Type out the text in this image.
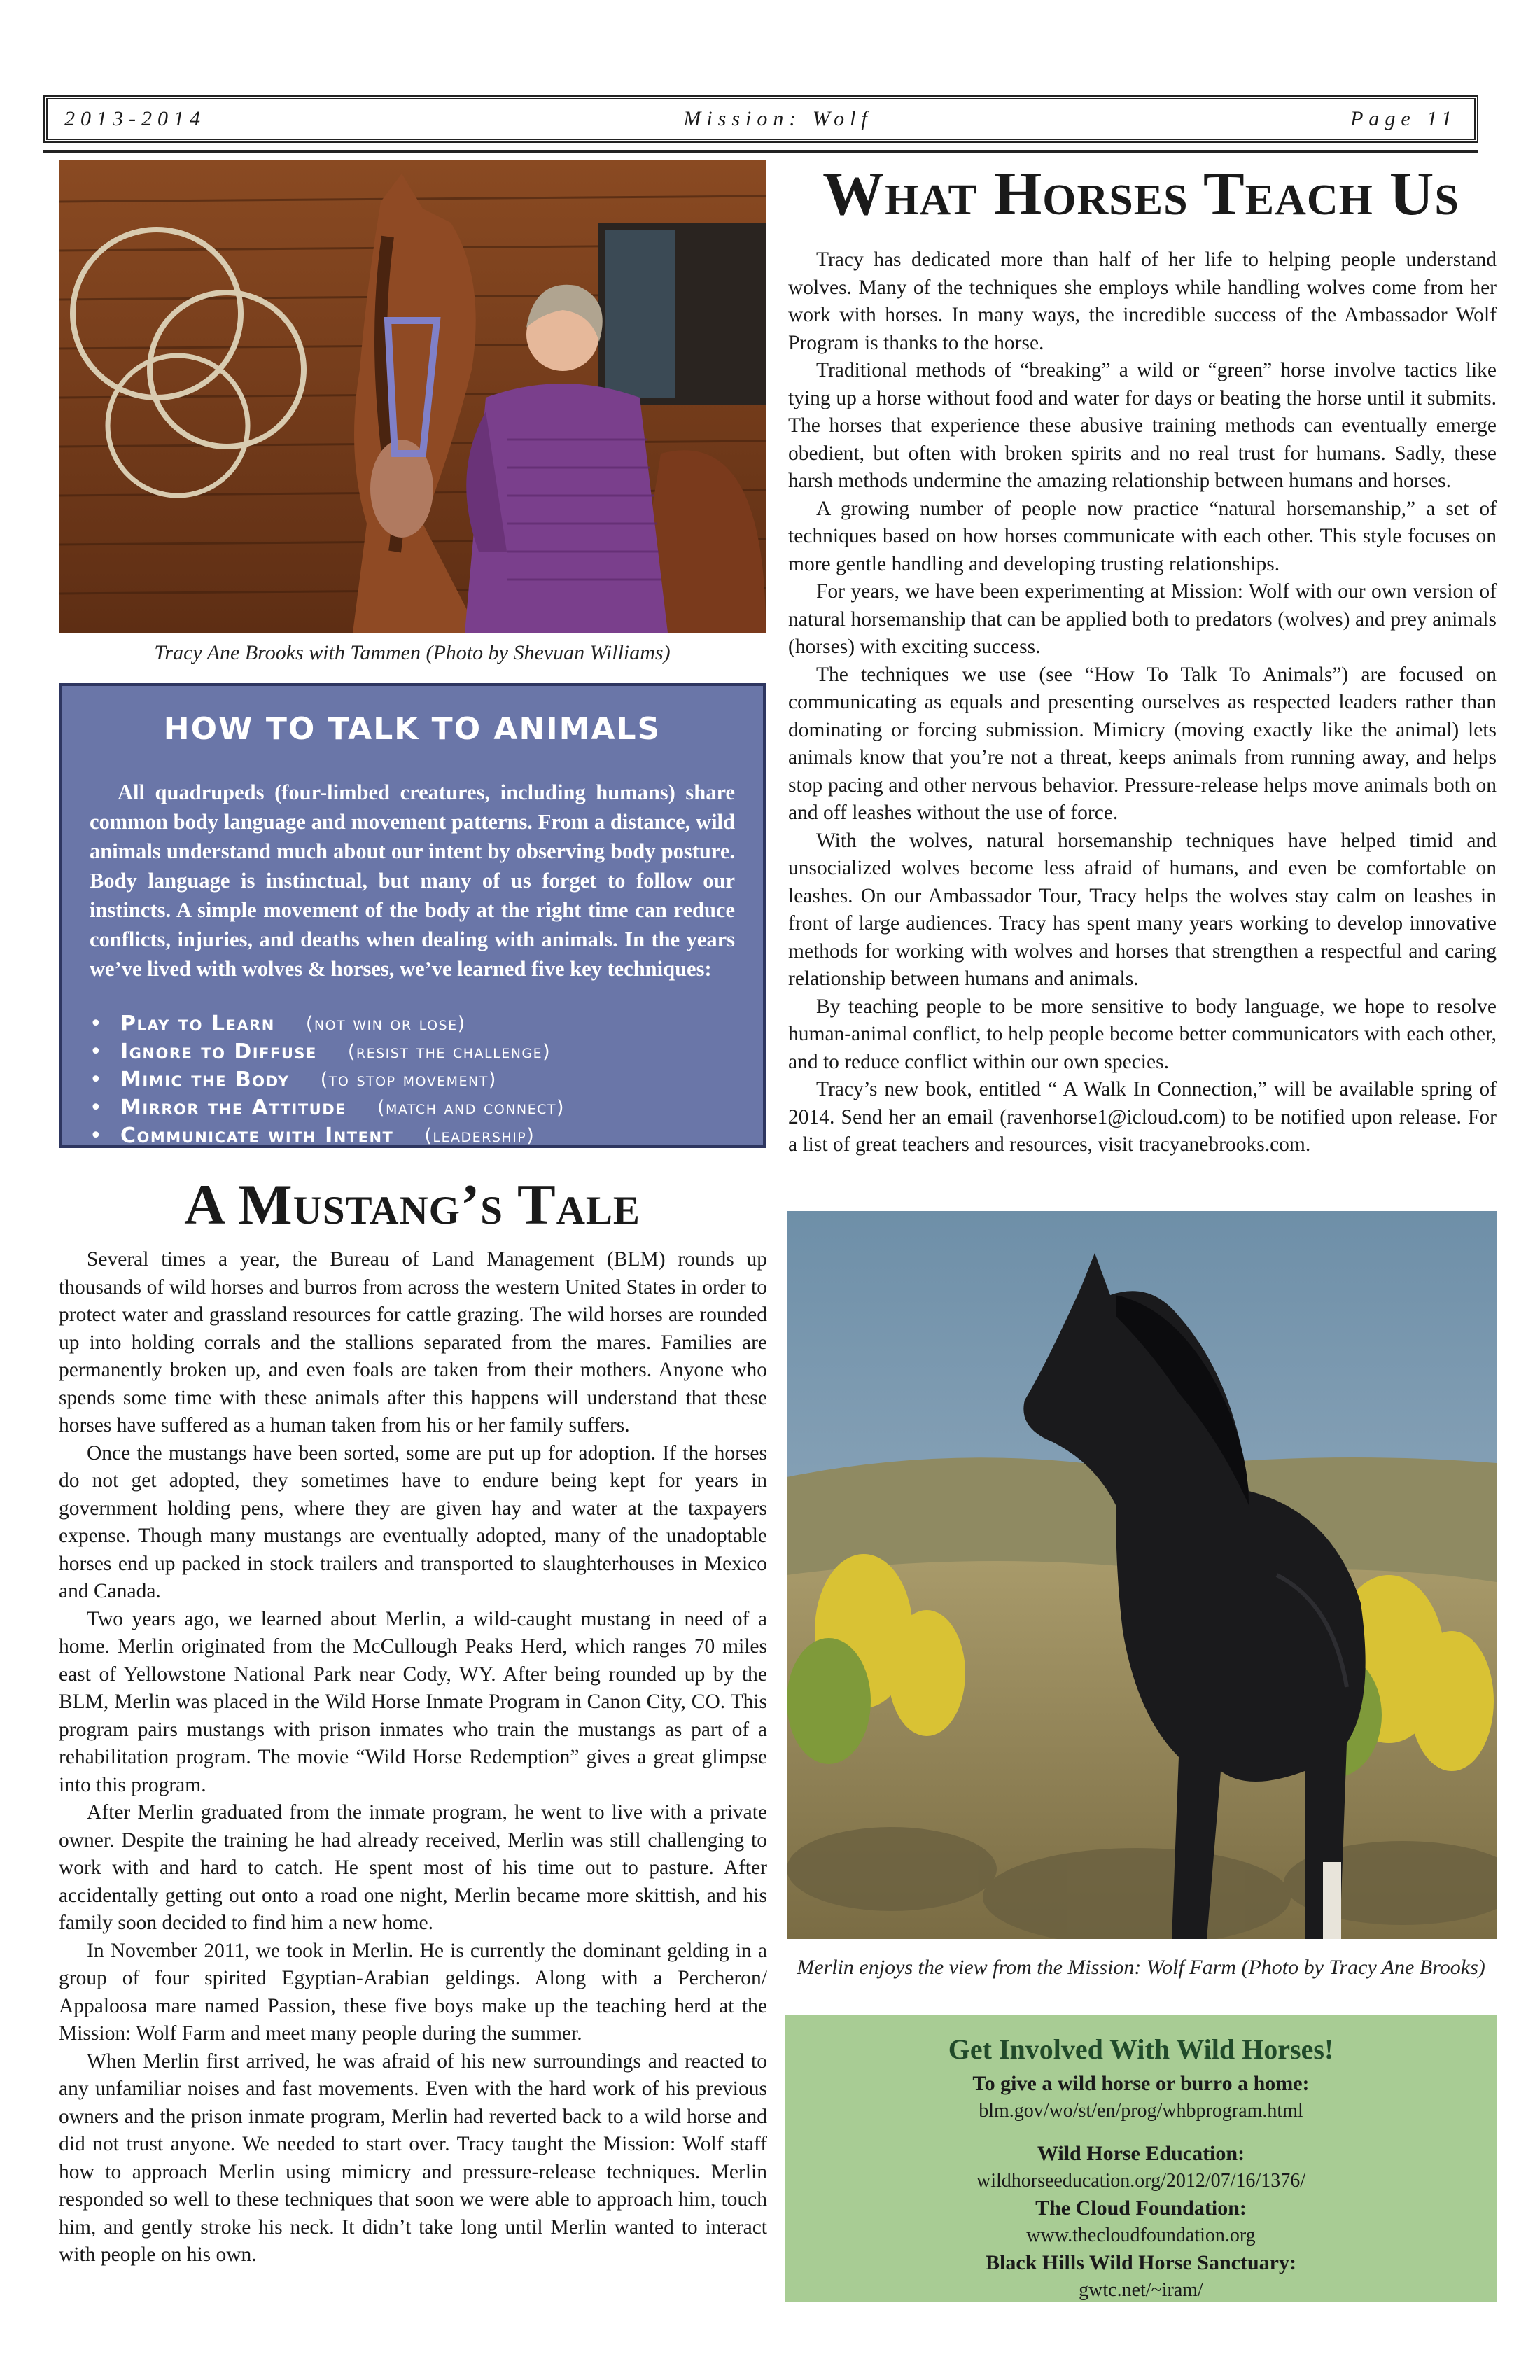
2013-2014	Mission: Wolf	Page 11
Tracy Ane Brooks with Tammen (Photo by Shevuan Williams)
HOW TO TALK TO ANIMALS

All quadrupeds (four-limbed creatures, including humans) share common body language and movement patterns. From a distance, wild animals understand much about our intent by observing body posture. Body language is instinctual, but many of us forget to follow our instincts. A simple movement of the body at the right time can reduce conflicts, injuries, and deaths when dealing with animals. In the years we’ve lived with wolves & horses, we’ve learned five key techniques:

• Play to Learn (not win or lose)
• Ignore to Diffuse (resist the challenge)
• Mimic the Body (to stop movement)
• Mirror the Attitude (match and connect)
• Communicate with Intent (leadership)
A Mustang’s Tale

Several times a year, the Bureau of Land Management (BLM) rounds up thousands of wild horses and burros from across the western United States in order to protect water and grassland resources for cattle grazing. The wild horses are rounded up into holding corrals and the stallions separated from the mares. Families are permanently broken up, and even foals are taken from their mothers. Anyone who spends some time with these animals after this happens will understand that these horses have suffered as a human taken from his or her family suffers.

Once the mustangs have been sorted, some are put up for adoption. If the horses do not get adopted, they sometimes have to endure being kept for years in government holding pens, where they are given hay and water at the taxpayers expense. Though many mustangs are eventually adopted, many of the unadoptable horses end up packed in stock trailers and transported to slaughterhouses in Mexico and Canada.

Two years ago, we learned about Merlin, a wild-caught mustang in need of a home. Merlin originated from the McCullough Peaks Herd, which ranges 70 miles east of Yellowstone National Park near Cody, WY. After being rounded up by the BLM, Merlin was placed in the Wild Horse Inmate Program in Canon City, CO. This program pairs mustangs with prison inmates who train the mustangs as part of a rehabilitation program. The movie “Wild Horse Redemption” gives a great glimpse into this program.

After Merlin graduated from the inmate program, he went to live with a private owner. Despite the training he had already received, Merlin was still challenging to work with and hard to catch. He spent most of his time out to pasture. After accidentally getting out onto a road one night, Merlin became more skittish, and his family soon decided to find him a new home.

In November 2011, we took in Merlin. He is currently the dominant gelding in a group of four spirited Egyptian-Arabian geldings. Along with a Percheron/ Appaloosa mare named Passion, these five boys make up the teaching herd at the Mission: Wolf Farm and meet many people during the summer.

When Merlin first arrived, he was afraid of his new surroundings and reacted to any unfamiliar noises and fast movements. Even with the hard work of his previous owners and the prison inmate program, Merlin had reverted back to a wild horse and did not trust anyone. We needed to start over. Tracy taught the Mission: Wolf staff how to approach Merlin using mimicry and pressure-release techniques. Merlin responded so well to these techniques that soon we were able to approach him, touch him, and gently stroke his neck. It didn’t take long until Merlin wanted to interact with people on his own.

What Horses Teach Us

Tracy has dedicated more than half of her life to helping people understand wolves. Many of the techniques she employs while handling wolves come from her work with horses. In many ways, the incredible success of the Ambassador Wolf Program is thanks to the horse.

Traditional methods of “breaking” a wild or “green” horse involve tactics like tying up a horse without food and water for days or beating the horse until it submits. The horses that experience these abusive training methods can eventually emerge obedient, but often with broken spirits and no real trust for humans. Sadly, these harsh methods undermine the amazing relationship between humans and horses.

A growing number of people now practice “natural horsemanship,” a set of techniques based on how horses communicate with each other. This style focuses on more gentle handling and developing trusting relationships.

For years, we have been experimenting at Mission: Wolf with our own version of natural horsemanship that can be applied both to predators (wolves) and prey animals (horses) with exciting success.

The techniques we use (see “How To Talk To Animals”) are focused on communicating as equals and presenting ourselves as respected leaders rather than dominating or forcing submission. Mimicry (moving exactly like the animal) lets animals know that you’re not a threat, keeps animals from running away, and helps stop pacing and other nervous behavior. Pressure-release helps move animals both on and off leashes without the use of force.

With the wolves, natural horsemanship techniques have helped timid and unsocialized wolves become less afraid of humans, and even be comfortable on leashes. On our Ambassador Tour, Tracy helps the wolves stay calm on leashes in front of large audiences. Tracy has spent many years working to develop innovative methods for working with wolves and horses that strengthen a respectful and caring relationship between humans and animals.

By teaching people to be more sensitive to body language, we hope to resolve human-animal conflict, to help people become better communicators with each other, and to reduce conflict within our own species.

Tracy’s new book, entitled “ A Walk In Connection,” will be available spring of 2014. Send her an email (ravenhorse1@icloud.com) to be notified upon release. For a list of great teachers and resources, visit tracyanebrooks.com.

Merlin enjoys the view from the Mission: Wolf Farm (Photo by Tracy Ane Brooks)
Get Involved With Wild Horses!
To give a wild horse or burro a home:
blm.gov/wo/st/en/prog/whbprogram.html
Wild Horse Education:
wildhorseeducation.org/2012/07/16/1376/
The Cloud Foundation:
www.thecloudfoundation.org
Black Hills Wild Horse Sanctuary:
gwtc.net/~iram/
